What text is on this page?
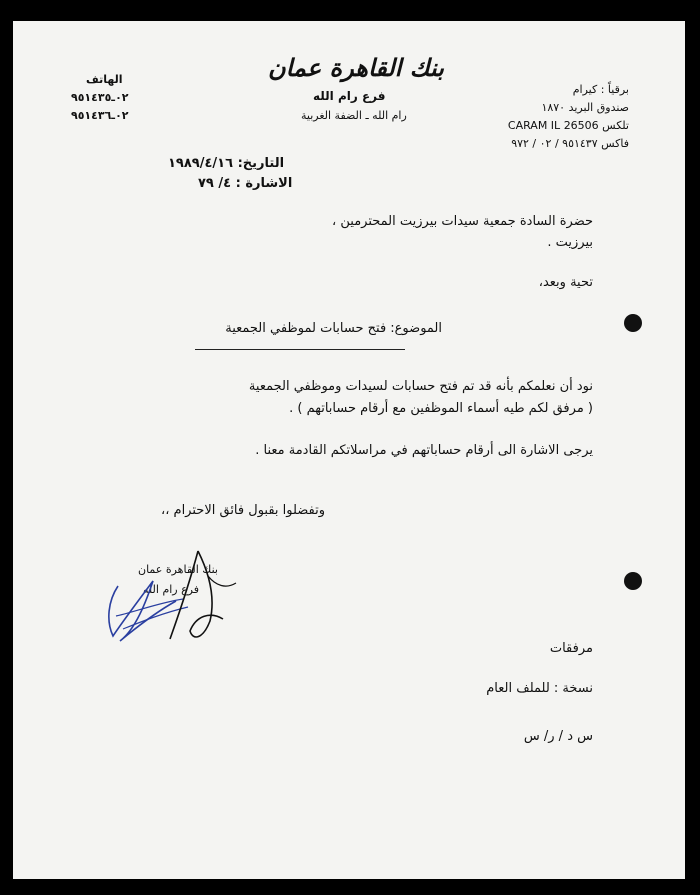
بنك القاهرة عمان
فرع رام الله
رام الله ـ الضفة الغربية
الهاتف
٠٢ـ٩٥١٤٣٥
٠٢ـ٩٥١٤٣٦
برقياً : كيرام
صندوق البريد ١٨٧٠
تلكس 26506 CARAM IL
فاكس ٩٥١٤٣٧ / ٠٢ / ٩٧٢
التاريخ: ١٩٨٩/٤/١٦
الاشارة : ٤/ ٧٩
حضرة السادة جمعية سيدات بيرزيت المحترمين ،
بيرزيت .
تحية وبعد،
الموضوع: فتح حسابات لموظفي الجمعية
نود أن نعلمكم بأنه قد تم فتح حسابات لسيدات وموظفي الجمعية
( مرفق لكم طيه أسماء الموظفين مع أرقام حساباتهم ) .
يرجى الاشارة الى أرقام حساباتهم في مراسلاتكم القادمة معنا .
وتفضلوا بقبول فائق الاحترام ،،
بنك القاهرة عمان
فرع رام الله
مرفقات
نسخة : للملف العام
س د / ر/ س
